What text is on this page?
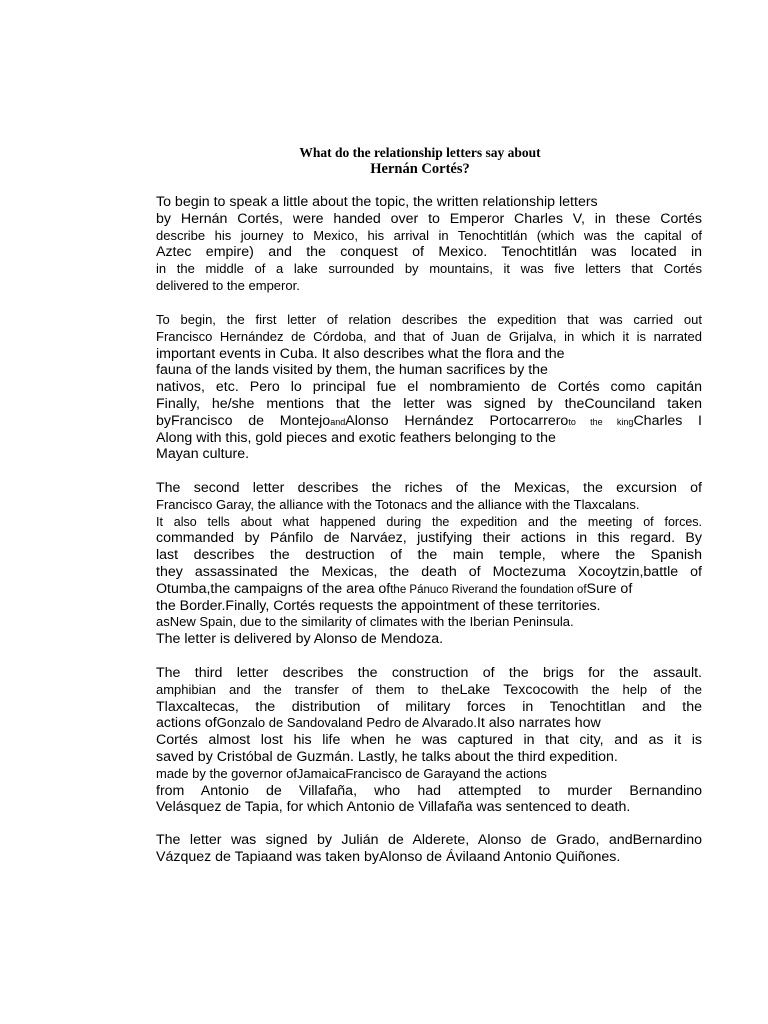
What do the relationship letters say about
Hernán Cortés?
To begin to speak a little about the topic, the written relationship letters
by Hernán Cortés, were handed over to Emperor Charles V, in these Cortés
describe his journey to Mexico, his arrival in Tenochtitlán (which was the capital of
Aztec empire) and the conquest of Mexico. Tenochtitlán was located in
in the middle of a lake surrounded by mountains, it was five letters that Cortés
delivered to the emperor.
To begin, the first letter of relation describes the expedition that was carried out
Francisco Hernández de Córdoba, and that of Juan de Grijalva, in which it is narrated
important events in Cuba. It also describes what the flora and the
fauna of the lands visited by them, the human sacrifices by the
nativos, etc. Pero lo principal fue el nombramiento de Cortés como capitán
Finally, he/she mentions that the letter was signed by theCounciland taken
byFrancisco de MontejoandAlonso Hernández Portocarreroto the kingCharles I
Along with this, gold pieces and exotic feathers belonging to the
Mayan culture.
The second letter describes the riches of the Mexicas, the excursion of
Francisco Garay, the alliance with the Totonacs and the alliance with the Tlaxcalans.
It also tells about what happened during the expedition and the meeting of forces.
commanded by Pánfilo de Narváez, justifying their actions in this regard. By
last describes the destruction of the main temple, where the Spanish
they assassinated the Mexicas, the death of Moctezuma Xocoytzin,battle of
Otumba,the campaigns of the area ofthe Pánuco Riverand the foundation ofSure of
the Border.Finally, Cortés requests the appointment of these territories.
asNew Spain, due to the similarity of climates with the Iberian Peninsula.
The letter is delivered by Alonso de Mendoza.
The third letter describes the construction of the brigs for the assault.
amphibian and the transfer of them to theLake Texcocowith the help of the
Tlaxcaltecas, the distribution of military forces in Tenochtitlan and the
actions ofGonzalo de Sandovaland Pedro de Alvarado.It also narrates how
Cortés almost lost his life when he was captured in that city, and as it is
saved by Cristóbal de Guzmán. Lastly, he talks about the third expedition.
made by the governor ofJamaicaFrancisco de Garayand the actions
from Antonio de Villafaña, who had attempted to murder Bernandino
Velásquez de Tapia, for which Antonio de Villafaña was sentenced to death.
The letter was signed by Julián de Alderete, Alonso de Grado, andBernardino
Vázquez de Tapiaand was taken byAlonso de Ávilaand Antonio Quiñones.
